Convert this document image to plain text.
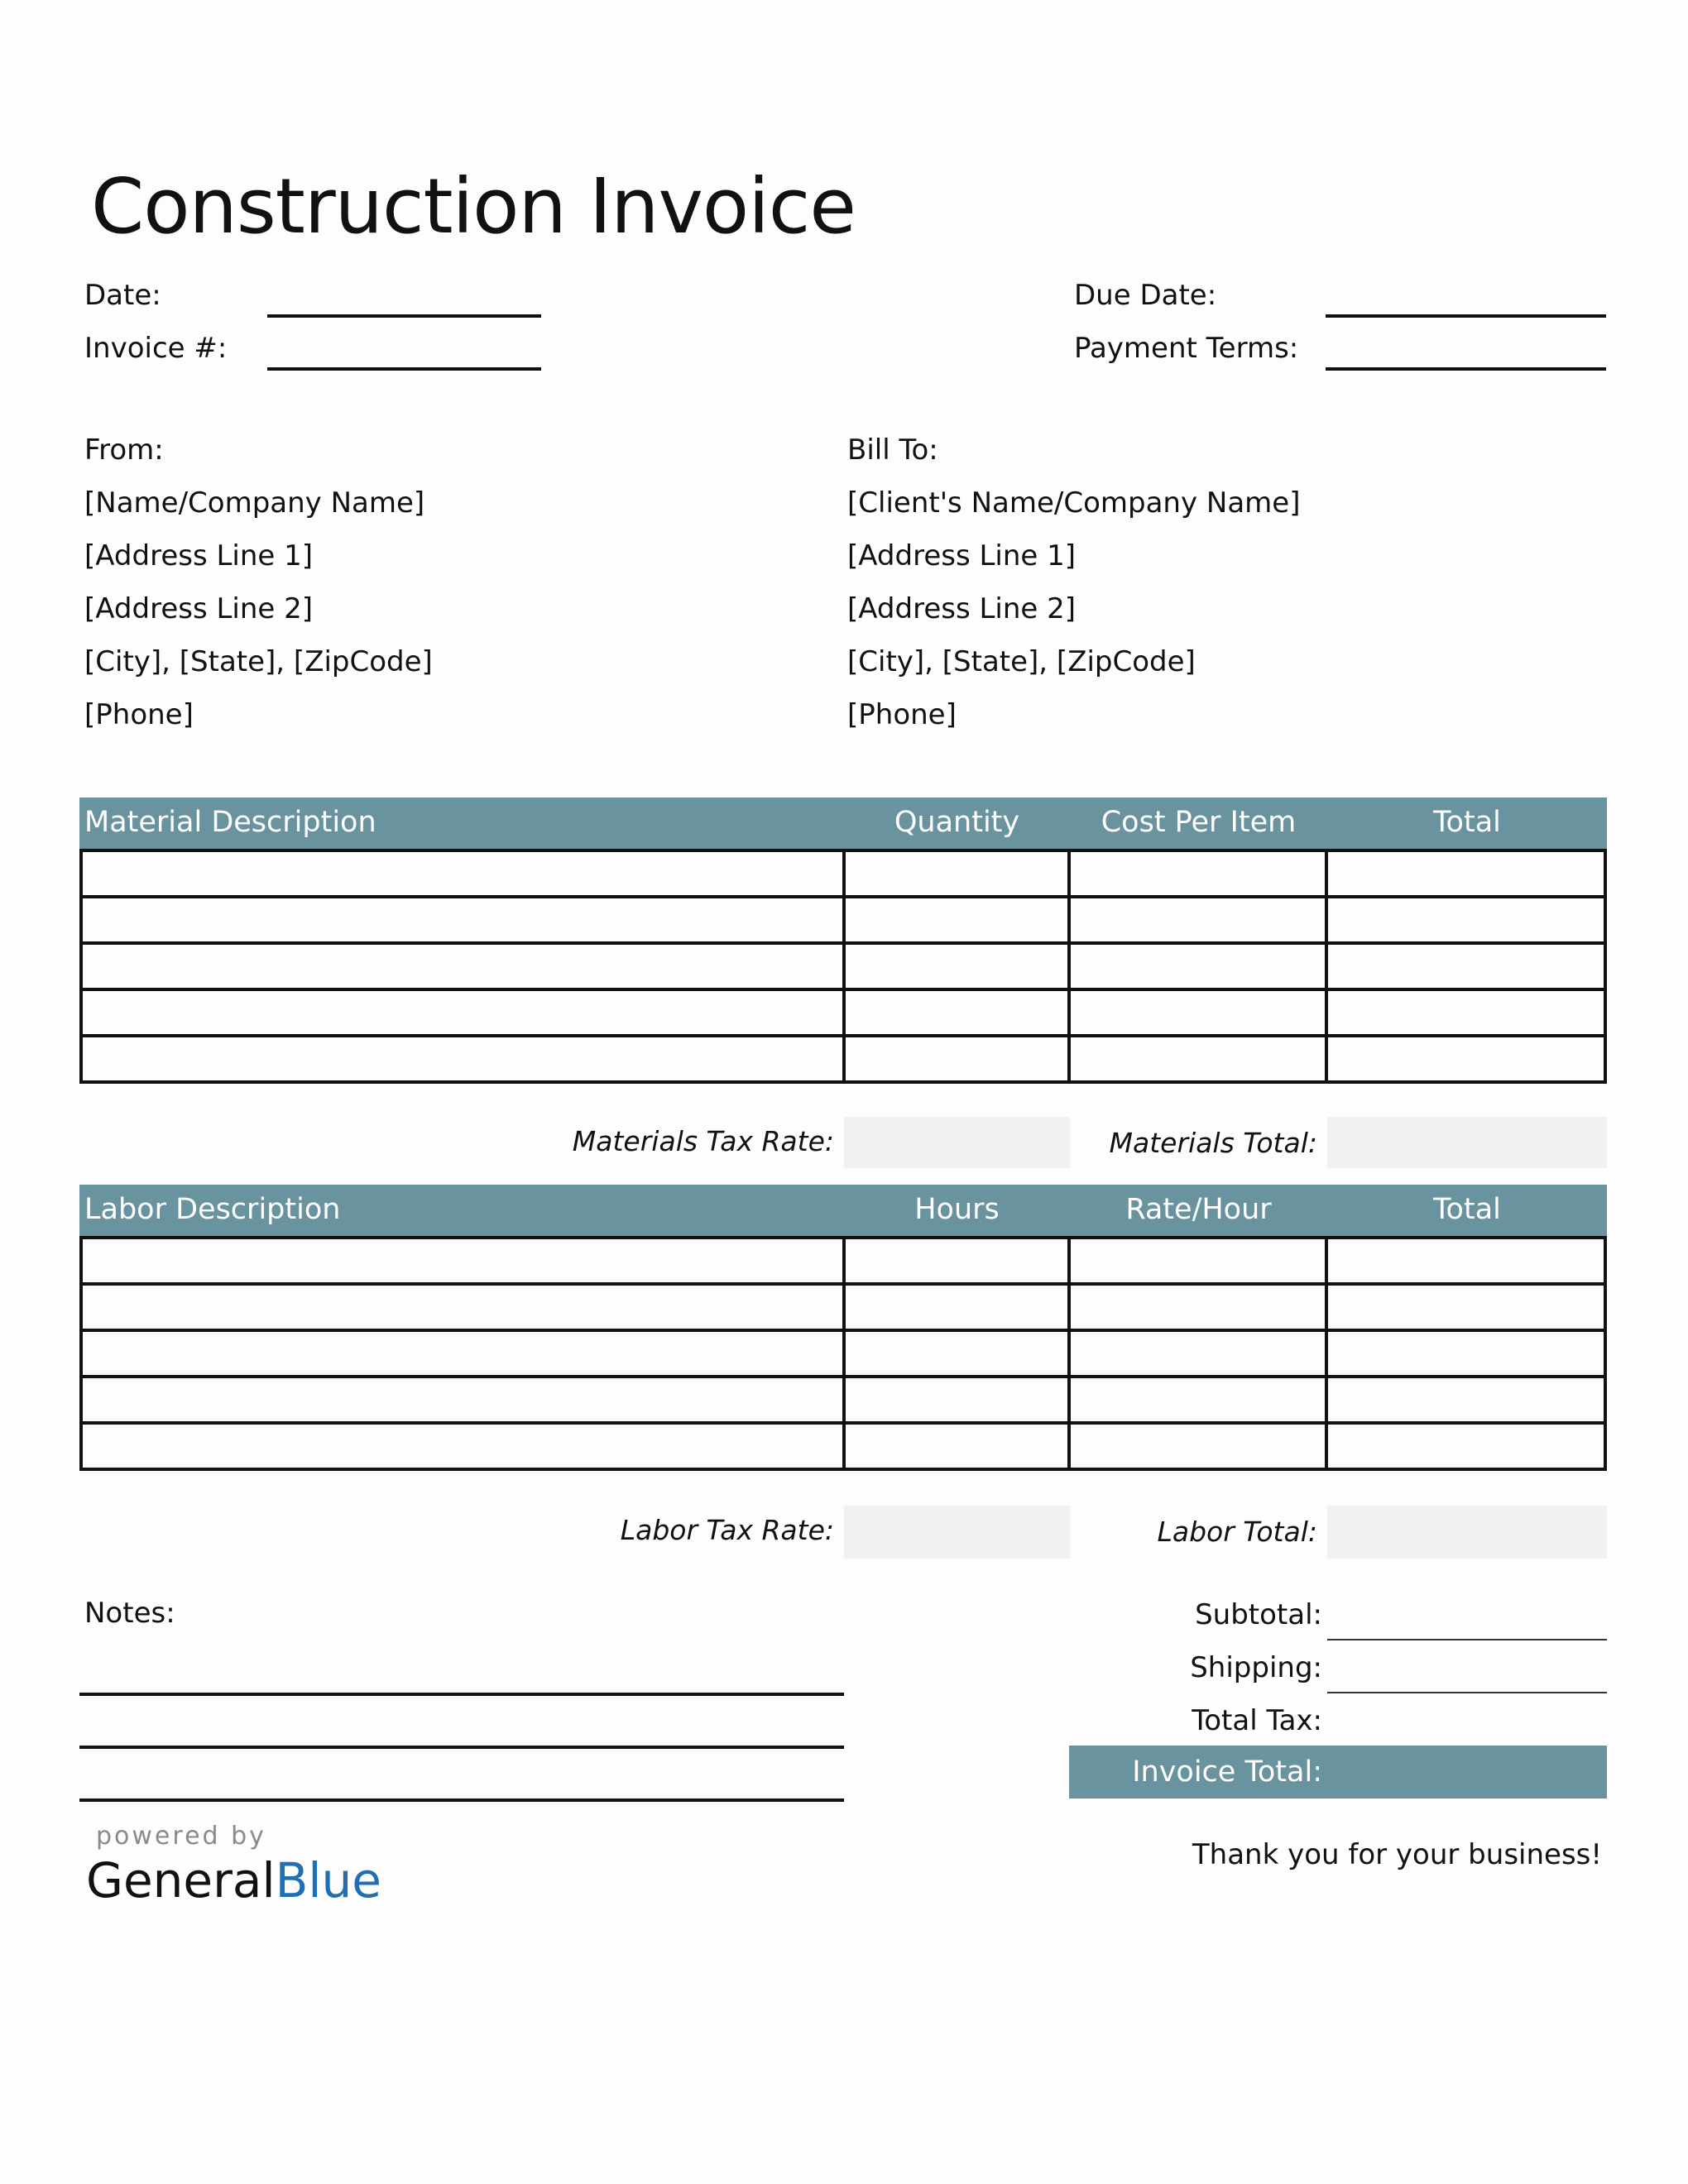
Construction Invoice
Date:
Invoice #:
Due Date:
Payment Terms:
From:
[Name/Company Name]
[Address Line 1]
[Address Line 2]
[City], [State], [ZipCode]
[Phone]
Bill To:
[Client's Name/Company Name]
[Address Line 1]
[Address Line 2]
[City], [State], [ZipCode]
[Phone]
Material Description	Quantity	Cost Per Item	Total

Materials Tax Rate:	Materials Total:
Labor Description	Hours	Rate/Hour	Total

Labor Tax Rate:	Labor Total:
Notes:	Subtotal:
Shipping:
Total Tax:
Invoice Total:
powered by
GeneralBlue	Thank you for your business!
